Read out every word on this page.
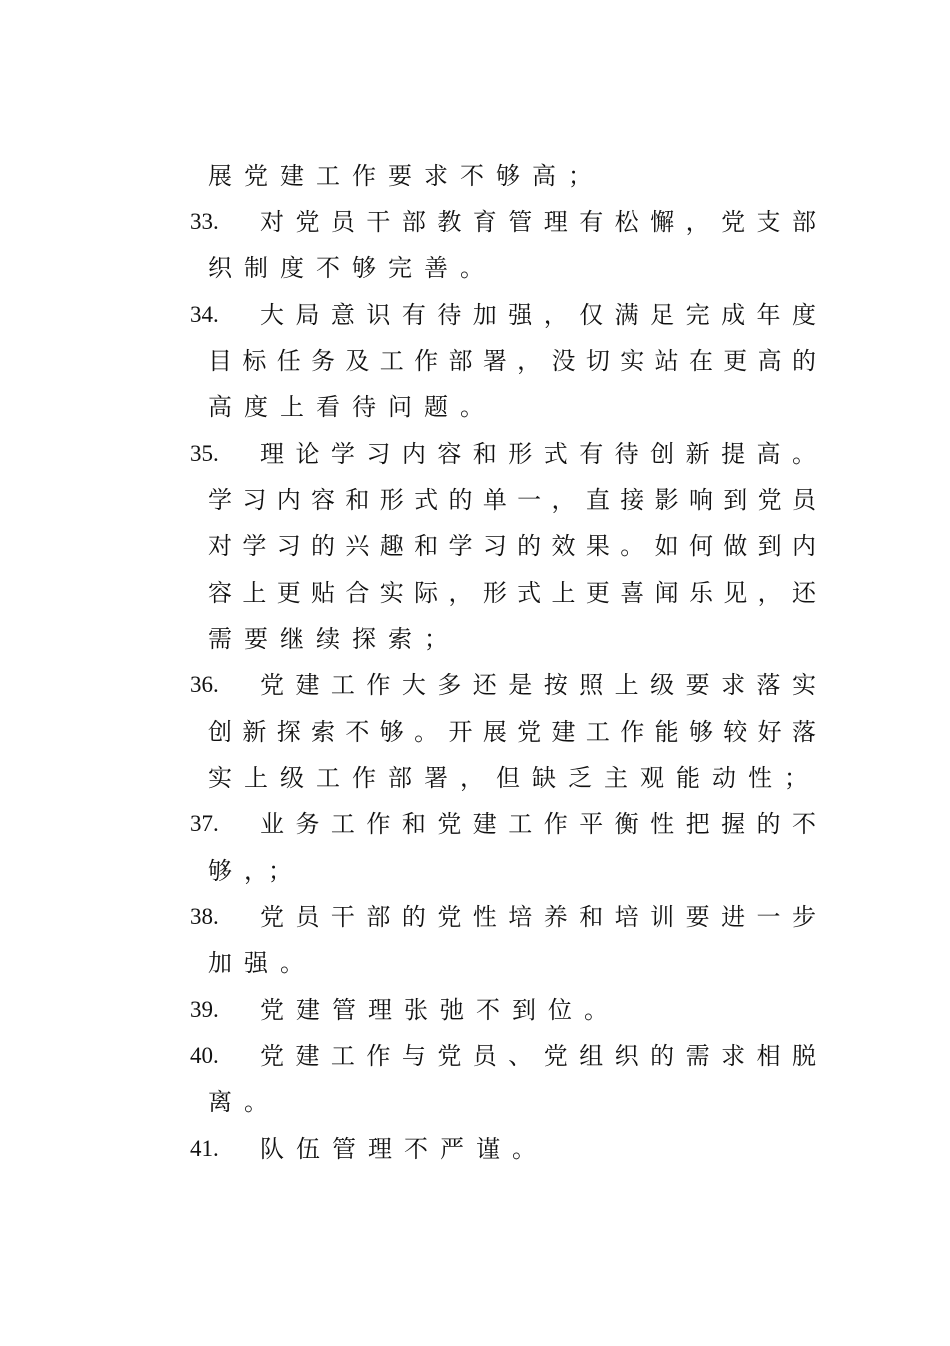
展党建工作要求不够高；
33. 对党员干部教育管理有松懈，党支部
织制度不够完善。
34. 大局意识有待加强，仅满足完成年度
目标任务及工作部署，没切实站在更高的
高度上看待问题。
35. 理论学习内容和形式有待创新提高。
学习内容和形式的单一，直接影响到党员
对学习的兴趣和学习的效果。如何做到内
容上更贴合实际，形式上更喜闻乐见，还
需要继续探索；
36. 党建工作大多还是按照上级要求落实
创新探索不够。开展党建工作能够较好落
实上级工作部署，但缺乏主观能动性；
37. 业务工作和党建工作平衡性把握的不
够，；
38. 党员干部的党性培养和培训要进一步
加强。
39. 党建管理张弛不到位。
40. 党建工作与党员、党组织的需求相脱
离。
41. 队伍管理不严谨。
